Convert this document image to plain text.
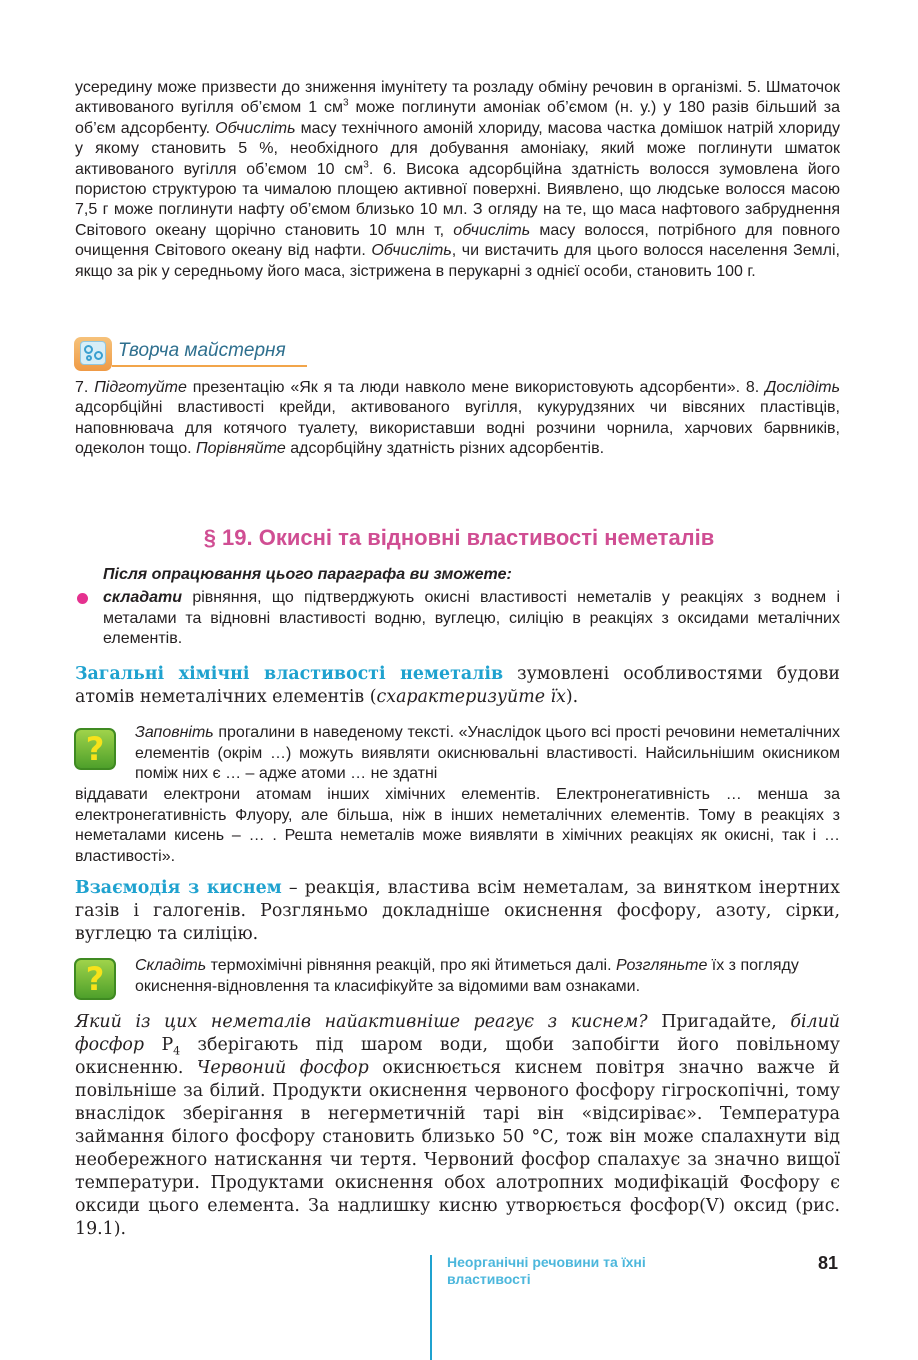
усередину може призвести до зниження імунітету та розладу обміну речовин в організмі. 5. Шматочок активованого вугілля об’ємом 1 $см^3$ може поглинути амоніак об’ємом (н. у.) у 180 разів більший за об’єм адсорбенту. Обчисліть масу технічного амоній хлориду, масова частка домішок натрій хлориду у якому становить 5 %, необхідного для добування амоніаку, який може поглинути шматок активованого вугілля об’ємом 10 $см^3$. 6. Висока адсорбційна здатність волосся зумовлена його пористою структурою та чималою площею активної поверхні. Виявлено, що людське волосся масою 7,5 г може поглинути нафту об’ємом близько 10 мл. З огляду на те, що маса нафтового забруднення Світового океану щорічно становить 10 млн т, обчисліть масу волосся, потрібного для повного очищення Світового океану від нафти. Обчисліть, чи вистачить для цього волосся населення Землі, якщо за рік у середньому його маса, зістрижена в перукарні з однієї особи, становить 100 г.
Творча майстерня
7. Підготуйте презентацію «Як я та люди навколо мене використовують адсорбенти». 8. Дослідіть адсорбційні властивості крейди, активованого вугілля, кукурудзяних чи вівсяних пластівців, наповнювача для котячого туалету, використавши водні розчини чорнила, харчових барвників, одеколон тощо. Порівняйте адсорбційну здатність різних адсорбентів.
§ 19. Окисні та відновні властивості неметалів
Після опрацювання цього параграфа ви зможете:
складати рівняння, що підтверджують окисні властивості неметалів у реакціях з воднем і металами та відновні властивості водню, вуглецю, силіцію в реакціях з оксидами металічних елементів.
Загальні хімічні властивості неметалів зумовлені особливостями будови атомів неметалічних елементів (схарактеризуйте їх).
?	Заповніть прогалини в наведеному тексті. «Унаслідок цього всі прості речовини неметалічних елементів (окрім …) можуть виявляти окиснювальні властивості. Найсильнішим окисником поміж них є … – адже атоми … не здатні
віддавати електрони атомам інших хімічних елементів. Електронегативність … менша за електронегативність Флуору, але більша, ніж в інших неметалічних елементів. Тому в реакціях з неметалами кисень – … . Решта неметалів може виявляти в хімічних реакціях як окисні, так і … властивості».
Взаємодія з киснем – реакція, властива всім неметалам, за винятком інертних газів і галогенів. Розгляньмо докладніше окиснення фосфору, азоту, сірки, вуглецю та силіцію.
?	Складіть термохімічні рівняння реакцій, про які йтиметься далі. Розгляньте їх з погляду окиснення-відновлення та класифікуйте за відомими вам ознаками.
Який із цих неметалів найактивніше реагує з киснем? Пригадайте, білий фосфор $P_4$ зберігають під шаром води, щоби запобігти його повільному окисненню. Червоний фосфор окиснюється киснем повітря значно важче й повільніше за білий. Продукти окиснення червоного фосфору гігроскопічні, тому внаслідок зберігання в негерметичній тарі він «відсиріває». Температура займання білого фосфору становить близько 50 °С, тож він може спалахнути від необережного натискання чи тертя. Червоний фосфор спалахує за значно вищої температури. Продуктами окиснення обох алотропних модифікацій Фосфору є оксиди цього елемента. За надлишку кисню утворюється фосфор(V) оксид (рис. 19.1).
Неорганічні речовини та їхні властивості
81
